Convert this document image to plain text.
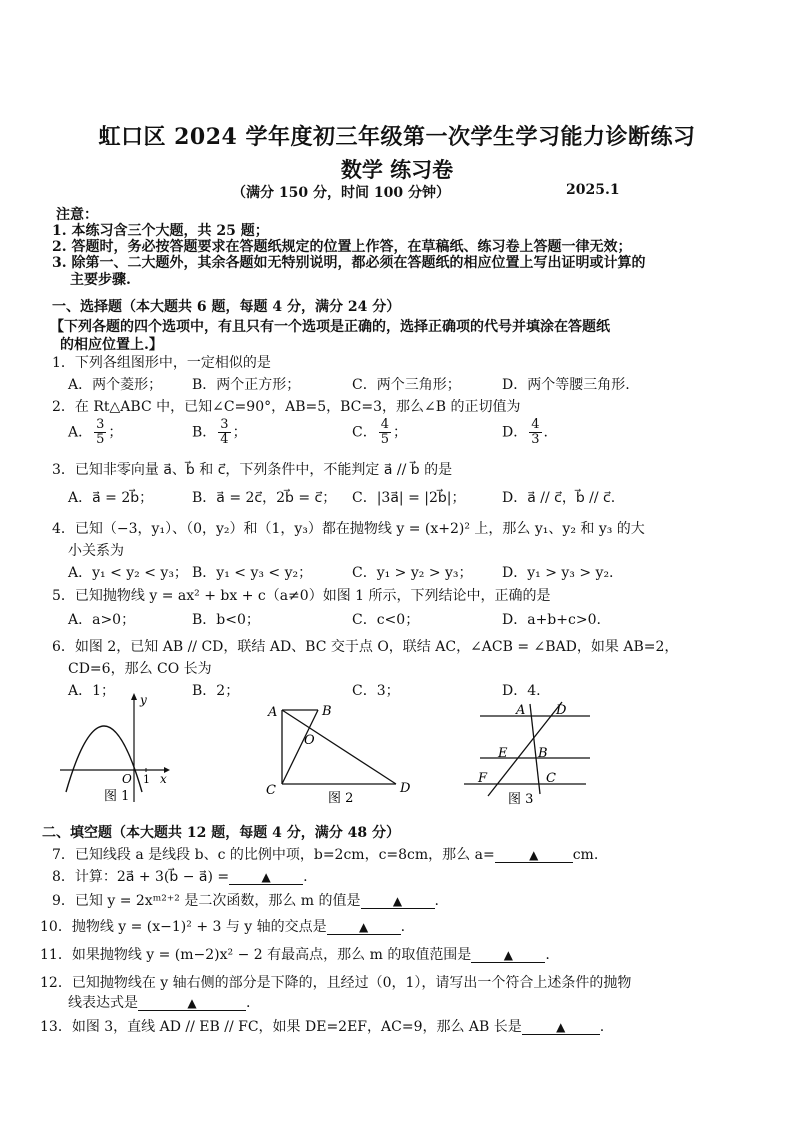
虹口区 2024 学年度初三年级第一次学生学习能力诊断练习
数学 练习卷
（满分 150 分，时间 100 分钟）	2025.1
注意：
1. 本练习含三个大题，共 25 题；
2. 答题时，务必按答题要求在答题纸规定的位置上作答，在草稿纸、练习卷上答题一律无效；
3. 除第一、二大题外，其余各题如无特别说明，都必须在答题纸的相应位置上写出证明或计算的
主要步骤.
一、选择题（本大题共 6 题，每题 4 分，满分 24 分）
【下列各题的四个选项中，有且只有一个选项是正确的，选择正确项的代号并填涂在答题纸
的相应位置上.】
1．下列各组图形中，一定相似的是
A．两个菱形； B．两个正方形；	C．两个三角形；	D．两个等腰三角形.
2．在 Rt△ABC 中，已知∠C=90°，AB=5，BC=3，那么∠B 的正切值为
A． $\frac{3}{5}$ ；	B． $\frac{3}{4}$ ；	C． $\frac{4}{5}$ ；	D． $\frac{4}{3}$ .
3．已知非零向量 a⃗、b⃗ 和 c⃗，下列条件中，不能判定 a⃗ // b⃗ 的是
A．a⃗ = 2b⃗；	B．a⃗ = 2c⃗，2b⃗ = c⃗； C．|3a⃗| = |2b⃗|；	D．a⃗ // c⃗，b⃗ // c⃗.
4．已知（−3，y₁）、（0，y₂）和（1，y₃）都在抛物线 y = (x+2)² 上，那么 y₁、y₂ 和 y₃ 的大
小关系为
A．y₁ < y₂ < y₃； B．y₁ < y₃ < y₂；	C．y₁ > y₂ > y₃； D．y₁ > y₃ > y₂.
5．已知抛物线 y = ax² + bx + c（a≠0）如图 1 所示，下列结论中，正确的是
A．a>0；	B．b<0；	C．c<0；	D．a+b+c>0.
6．如图 2，已知 AB // CD，联结 AD、BC 交于点 O，联结 AC，∠ACB = ∠BAD，如果 AB=2，
CD=6，那么 CO 长为
A．1；	B．2；	C．3；	D．4.
y
x
O 1
图 1
A	B
O
C	D
图 2
A D
E B
F	C
图 3
二、填空题（本大题共 12 题，每题 4 分，满分 48 分）
7．已知线段 a 是线段 b、c 的比例中项，b=2cm，c=8cm，那么 a=	▲ cm.
8．计算：2a⃗ + 3(b⃗ − a⃗) =	▲ .
9．已知 y = 2xᵐ²⁺² 是二次函数，那么 m 的值是	▲ .
10．抛物线 y = (x−1)² + 3 与 y 轴的交点是	▲ .
11．如果抛物线 y = (m−2)x² − 2 有最高点，那么 m 的取值范围是	▲ .
12．已知抛物线在 y 轴右侧的部分是下降的，且经过（0，1），请写出一个符合上述条件的抛物
线表达式是	▲	.
13．如图 3，直线 AD // EB // FC，如果 DE=2EF，AC=9，那么 AB 长是	▲ .
